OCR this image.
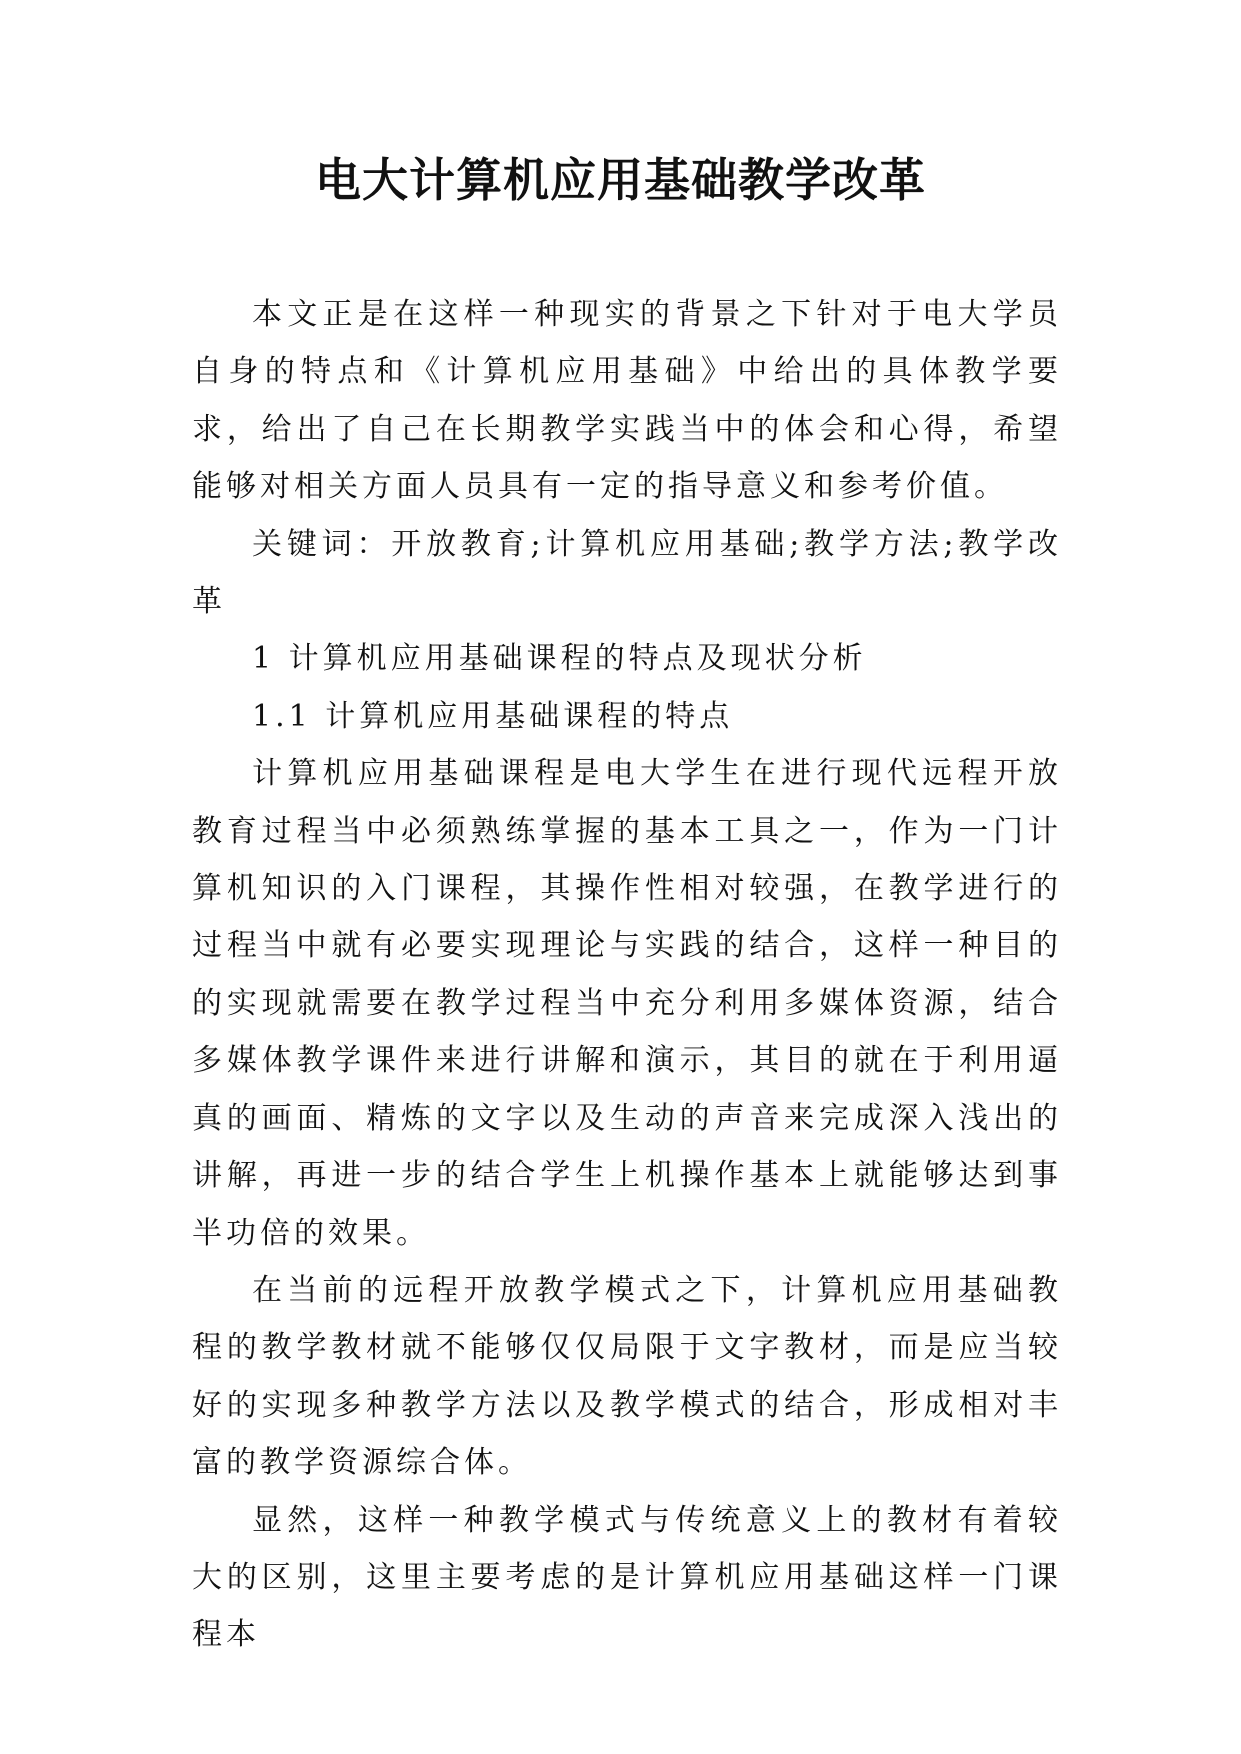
电大计算机应用基础教学改革

本文正是在这样一种现实的背景之下针对于电大学员自身的特点和《计算机应用基础》中给出的具体教学要求，给出了自己在长期教学实践当中的体会和心得，希望能够对相关方面人员具有一定的指导意义和参考价值。

关键词：开放教育;计算机应用基础;教学方法;教学改革

1 计算机应用基础课程的特点及现状分析

1.1 计算机应用基础课程的特点

计算机应用基础课程是电大学生在进行现代远程开放教育过程当中必须熟练掌握的基本工具之一，作为一门计算机知识的入门课程，其操作性相对较强，在教学进行的过程当中就有必要实现理论与实践的结合，这样一种目的的实现就需要在教学过程当中充分利用多媒体资源，结合多媒体教学课件来进行讲解和演示，其目的就在于利用逼真的画面、精炼的文字以及生动的声音来完成深入浅出的讲解，再进一步的结合学生上机操作基本上就能够达到事半功倍的效果。

在当前的远程开放教学模式之下，计算机应用基础教程的教学教材就不能够仅仅局限于文字教材，而是应当较好的实现多种教学方法以及教学模式的结合，形成相对丰富的教学资源综合体。

显然，这样一种教学模式与传统意义上的教材有着较大的区别，这里主要考虑的是计算机应用基础这样一门课程本
